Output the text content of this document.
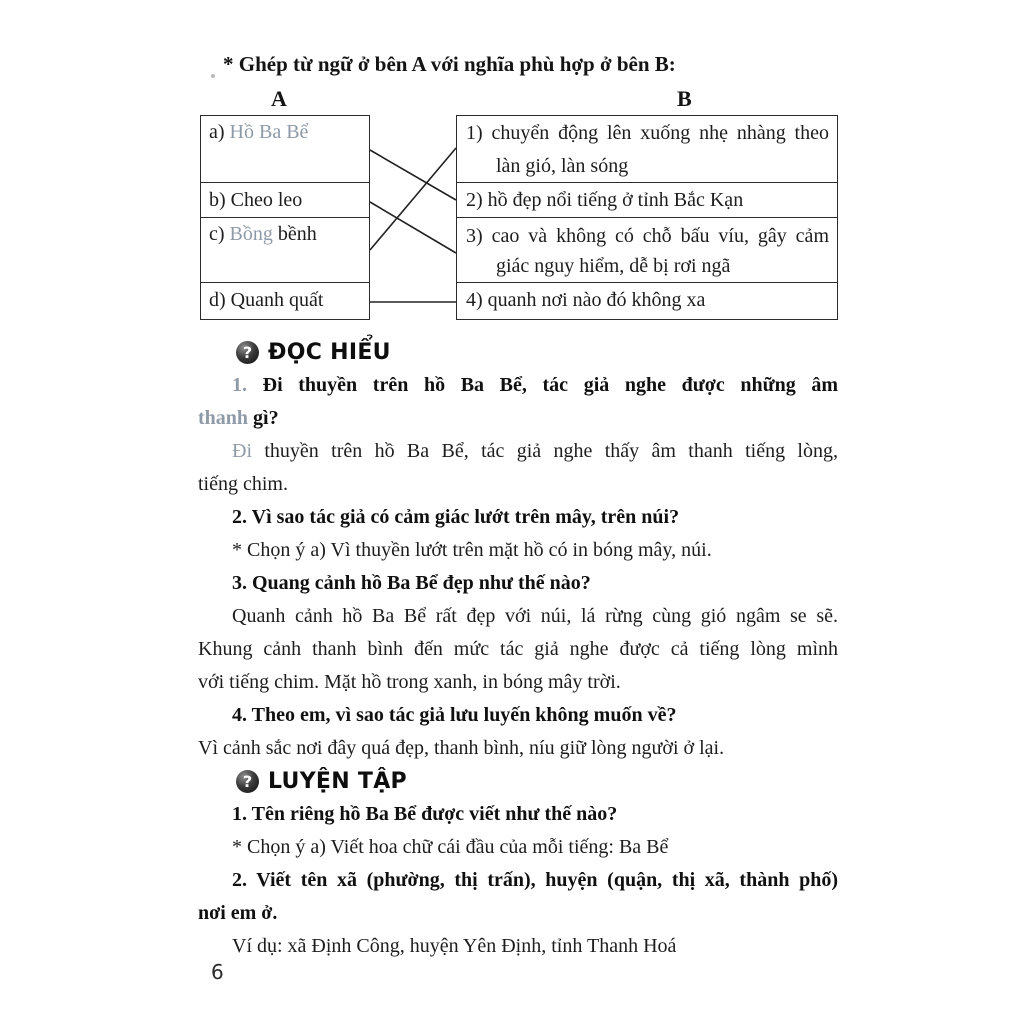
* Ghép từ ngữ ở bên A với nghĩa phù hợp ở bên B:
A	B
a) Hồ Ba Bể
b) Cheo leo
c) Bồng bềnh
d) Quanh quất
1) chuyển động lên xuống nhẹ nhàng theo
làn gió, làn sóng
2) hồ đẹp nổi tiếng ở tỉnh Bắc Kạn
3) cao và không có chỗ bấu víu, gây cảm
giác nguy hiểm, dễ bị rơi ngã
4) quanh nơi nào đó không xa
? ĐỌC HIỂU
1. Đi thuyền trên hồ Ba Bể, tác giả nghe được những âm
thanh gì?
Đi thuyền trên hồ Ba Bể, tác giả nghe thấy âm thanh tiếng lòng,
tiếng chim.
2. Vì sao tác giả có cảm giác lướt trên mây, trên núi?
* Chọn ý a) Vì thuyền lướt trên mặt hồ có in bóng mây, núi.
3. Quang cảnh hồ Ba Bể đẹp như thế nào?
Quanh cảnh hồ Ba Bể rất đẹp với núi, lá rừng cùng gió ngâm se sẽ.
Khung cảnh thanh bình đến mức tác giả nghe được cả tiếng lòng mình
với tiếng chim. Mặt hồ trong xanh, in bóng mây trời.
4. Theo em, vì sao tác giả lưu luyến không muốn về?
Vì cảnh sắc nơi đây quá đẹp, thanh bình, níu giữ lòng người ở lại.
? LUYỆN TẬP
1. Tên riêng hồ Ba Bể được viết như thế nào?
* Chọn ý a) Viết hoa chữ cái đầu của mỗi tiếng: Ba Bể
2. Viết tên xã (phường, thị trấn), huyện (quận, thị xã, thành phố)
nơi em ở.
Ví dụ: xã Định Công, huyện Yên Định, tỉnh Thanh Hoá
6
